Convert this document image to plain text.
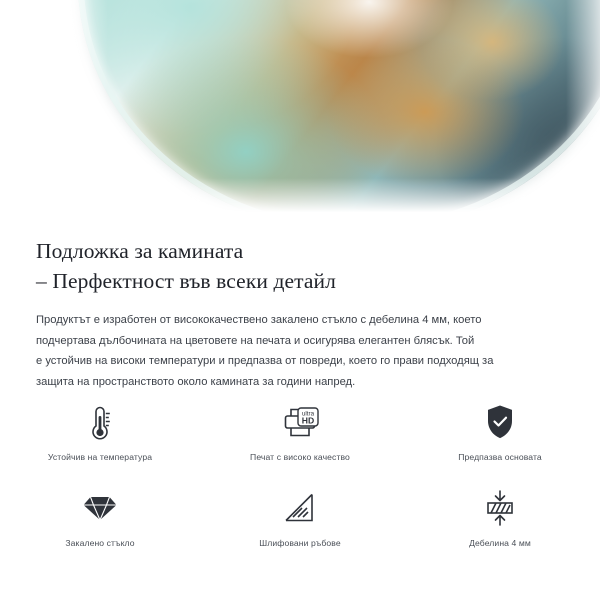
Подложка за камината
– Перфектност във всеки детайл

Продуктът е изработен от висококачествено закалено стъкло с дебелина 4 мм, което
подчертава дълбочината на цветовете на печата и осигурява елегантен блясък. Той
е устойчив на високи температури и предпазва от повреди, което го прави подходящ за
защита на пространството около камината за години напред.

Устойчив на температура
ultra
HD
Печат с високо качество	Предпазва основата
Закалено стъкло	Шлифовани ръбове	Дебелина 4 мм
